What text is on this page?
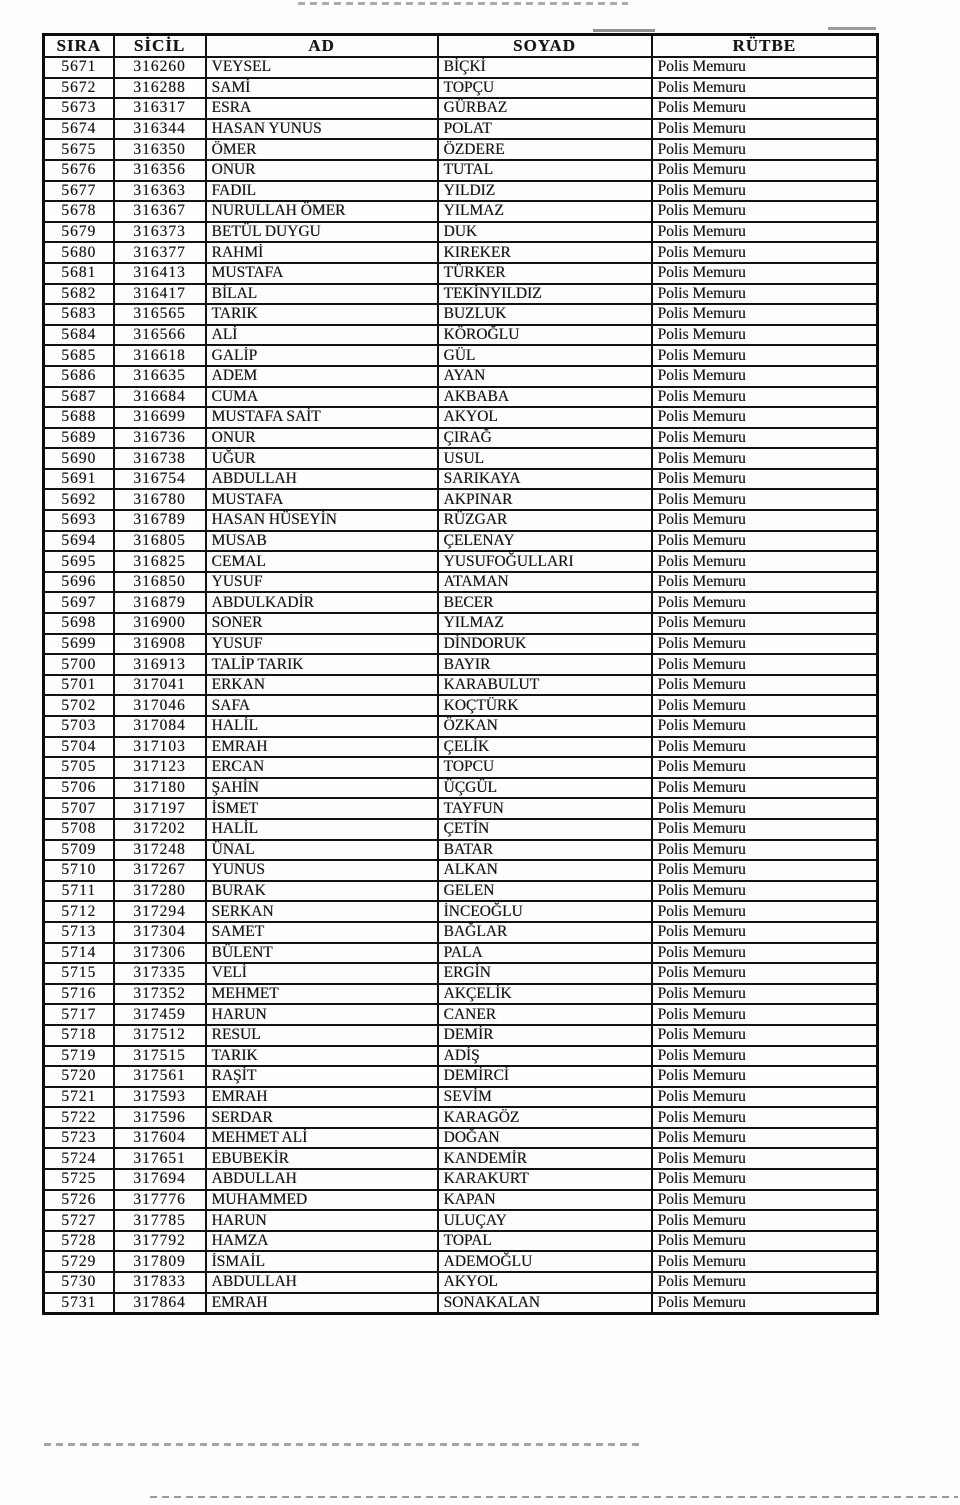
SIRA	SİCİL	AD	SOYAD	RÜTBE
5671	316260	VEYSEL	BİÇKİ	Polis Memuru
5672	316288	SAMİ	TOPÇU	Polis Memuru
5673	316317	ESRA	GÜRBAZ	Polis Memuru
5674	316344	HASAN YUNUS	POLAT	Polis Memuru
5675	316350	ÖMER	ÖZDERE	Polis Memuru
5676	316356	ONUR	TUTAL	Polis Memuru
5677	316363	FADIL	YILDIZ	Polis Memuru
5678	316367	NURULLAH ÖMER	YILMAZ	Polis Memuru
5679	316373	BETÜL DUYGU	DUK	Polis Memuru
5680	316377	RAHMİ	KIREKER	Polis Memuru
5681	316413	MUSTAFA	TÜRKER	Polis Memuru
5682	316417	BİLAL	TEKİNYILDIZ	Polis Memuru
5683	316565	TARIK	BUZLUK	Polis Memuru
5684	316566	ALİ	KÖROĞLU	Polis Memuru
5685	316618	GALİP	GÜL	Polis Memuru
5686	316635	ADEM	AYAN	Polis Memuru
5687	316684	CUMA	AKBABA	Polis Memuru
5688	316699	MUSTAFA SAİT	AKYOL	Polis Memuru
5689	316736	ONUR	ÇIRAĞ	Polis Memuru
5690	316738	UĞUR	USUL	Polis Memuru
5691	316754	ABDULLAH	SARIKAYA	Polis Memuru
5692	316780	MUSTAFA	AKPINAR	Polis Memuru
5693	316789	HASAN HÜSEYİN	RÜZGAR	Polis Memuru
5694	316805	MUSAB	ÇELENAY	Polis Memuru
5695	316825	CEMAL	YUSUFOĞULLARI	Polis Memuru
5696	316850	YUSUF	ATAMAN	Polis Memuru
5697	316879	ABDULKADİR	BECER	Polis Memuru
5698	316900	SONER	YILMAZ	Polis Memuru
5699	316908	YUSUF	DİNDORUK	Polis Memuru
5700	316913	TALİP TARIK	BAYIR	Polis Memuru
5701	317041	ERKAN	KARABULUT	Polis Memuru
5702	317046	SAFA	KOÇTÜRK	Polis Memuru
5703	317084	HALİL	ÖZKAN	Polis Memuru
5704	317103	EMRAH	ÇELİK	Polis Memuru
5705	317123	ERCAN	TOPCU	Polis Memuru
5706	317180	ŞAHİN	ÜÇGÜL	Polis Memuru
5707	317197	İSMET	TAYFUN	Polis Memuru
5708	317202	HALİL	ÇETİN	Polis Memuru
5709	317248	ÜNAL	BATAR	Polis Memuru
5710	317267	YUNUS	ALKAN	Polis Memuru
5711	317280	BURAK	GELEN	Polis Memuru
5712	317294	SERKAN	İNCEOĞLU	Polis Memuru
5713	317304	SAMET	BAĞLAR	Polis Memuru
5714	317306	BÜLENT	PALA	Polis Memuru
5715	317335	VELİ	ERGİN	Polis Memuru
5716	317352	MEHMET	AKÇELİK	Polis Memuru
5717	317459	HARUN	CANER	Polis Memuru
5718	317512	RESUL	DEMİR	Polis Memuru
5719	317515	TARIK	ADİŞ	Polis Memuru
5720	317561	RAŞİT	DEMİRCİ	Polis Memuru
5721	317593	EMRAH	SEVİM	Polis Memuru
5722	317596	SERDAR	KARAGÖZ	Polis Memuru
5723	317604	MEHMET ALİ	DOĞAN	Polis Memuru
5724	317651	EBUBEKİR	KANDEMİR	Polis Memuru
5725	317694	ABDULLAH	KARAKURT	Polis Memuru
5726	317776	MUHAMMED	KAPAN	Polis Memuru
5727	317785	HARUN	ULUÇAY	Polis Memuru
5728	317792	HAMZA	TOPAL	Polis Memuru
5729	317809	İSMAİL	ADEMOĞLU	Polis Memuru
5730	317833	ABDULLAH	AKYOL	Polis Memuru
5731	317864	EMRAH	SONAKALAN	Polis Memuru
